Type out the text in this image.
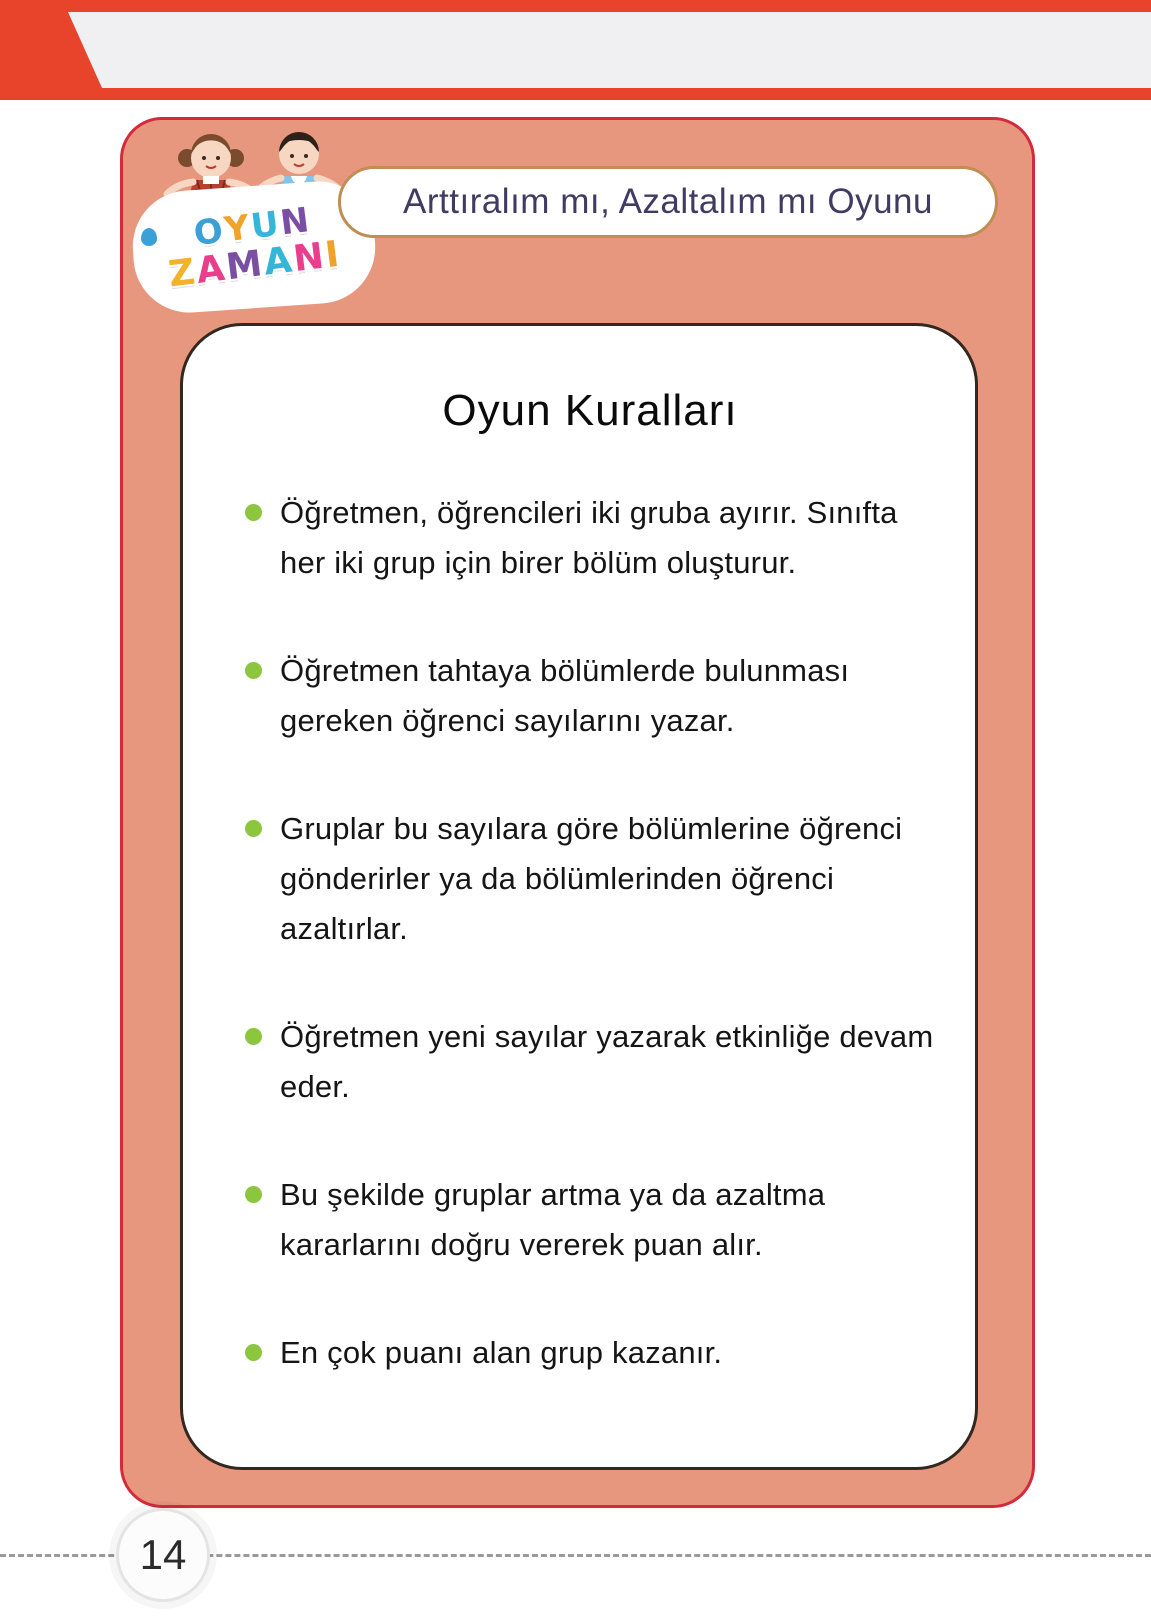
OYUN
ZAMANI
Arttıralım mı, Azaltalım mı Oyunu
Oyun Kuralları
Öğretmen, öğrencileri iki gruba ayırır. Sınıfta her iki grup için birer bölüm oluşturur.
Öğretmen tahtaya bölümlerde bulunması gereken öğrenci sayılarını yazar.
Gruplar bu sayılara göre bölümlerine öğrenci gönderirler ya da bölümlerinden öğrenci azaltırlar.
Öğretmen yeni sayılar yazarak etkinliğe devam eder.
Bu şekilde gruplar artma ya da azaltma kararlarını doğru vererek puan alır.
En çok puanı alan grup kazanır.
14
